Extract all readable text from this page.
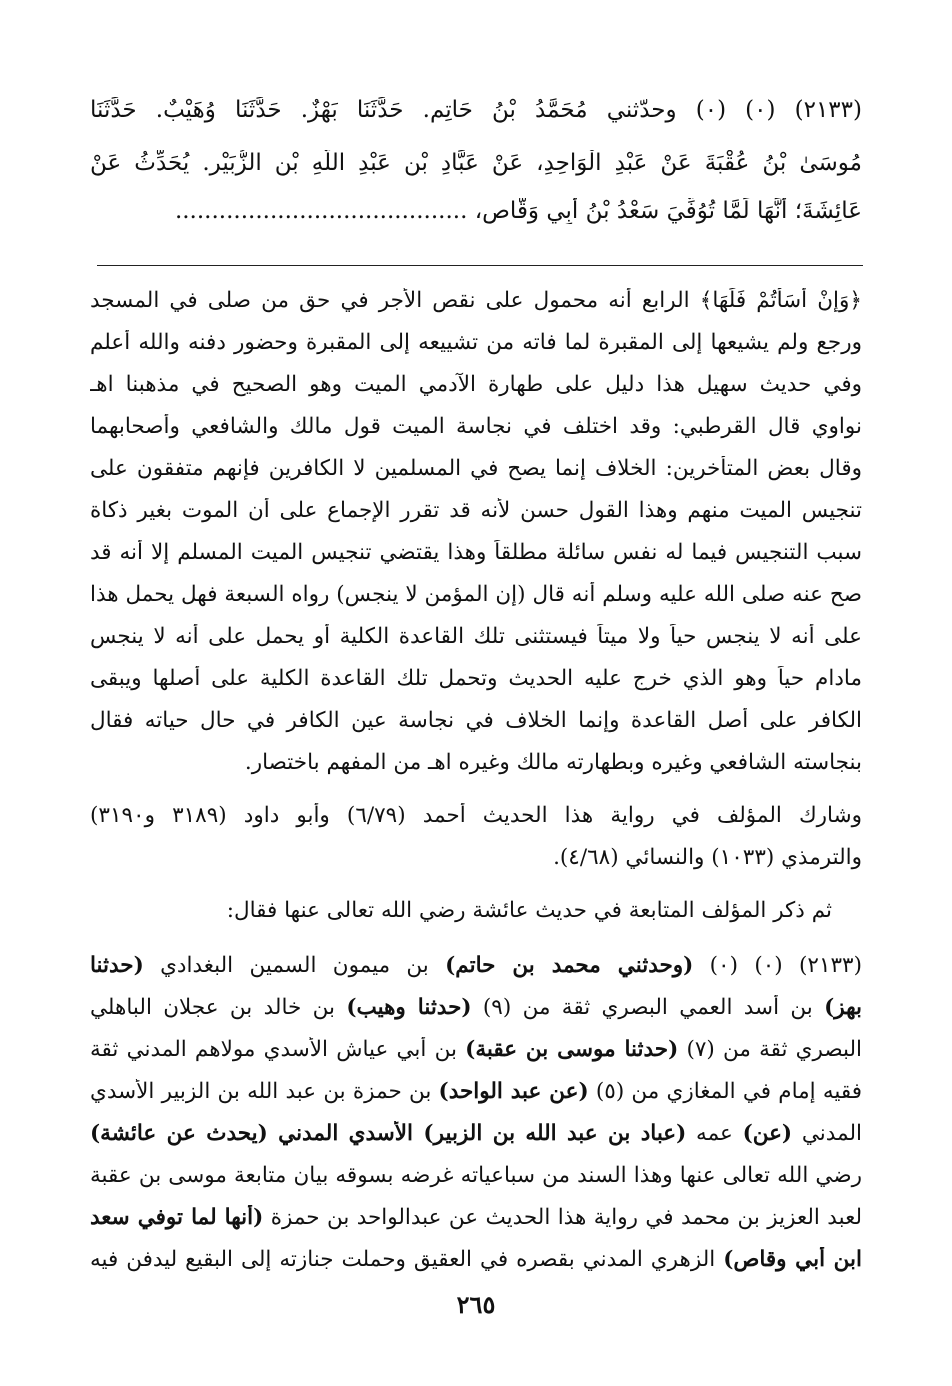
(٢١٣٣) (٠) (٠) وحدّثني مُحَمَّدُ بْنُ حَاتِمٍ. حَدَّثَنَا بَهْزٌ. حَدَّثَنَا وُهَيْبٌ. حَدَّثَنَا
مُوسَىٰ بْنُ عُقْبَةَ عَنْ عَبْدِ الْوَاحِدِ، عَنْ عَبَّادِ بْنِ عَبْدِ اللَّهِ بْنِ الزُّبَيْرِ. يُحَدِّثُ عَنْ
عَائِشَةَ؛ أَنَّهَا لَمَّا تُوُفِّيَ سَعْدُ بْنُ أَبِي وَقَّاصٍ، ........................................
﴿وَإِنْ أَسَأْتُمْ فَلَهَا﴾ الرابع أنه محمول على نقص الأجر في حق من صلى في المسجد
ورجع ولم يشيعها إلى المقبرة لما فاته من تشييعه إلى المقبرة وحضور دفنه والله أعلم
وفي حديث سهيل هذا دليل على طهارة الآدمي الميت وهو الصحيح في مذهبنا اهـ
نواوي قال القرطبي: وقد اختلف في نجاسة الميت قول مالك والشافعي وأصحابهما
وقال بعض المتأخرين: الخلاف إنما يصح في المسلمين لا الكافرين فإنهم متفقون على
تنجيس الميت منهم وهذا القول حسن لأنه قد تقرر الإجماع على أن الموت بغير ذكاة
سبب التنجيس فيما له نفس سائلة مطلقاً وهذا يقتضي تنجيس الميت المسلم إلا أنه قد
صح عنه صلى الله عليه وسلم أنه قال (إن المؤمن لا ينجس) رواه السبعة فهل يحمل هذا
على أنه لا ينجس حياً ولا ميتاً فيستثنى تلك القاعدة الكلية أو يحمل على أنه لا ينجس
مادام حياً وهو الذي خرج عليه الحديث وتحمل تلك القاعدة الكلية على أصلها ويبقى
الكافر على أصل القاعدة وإنما الخلاف في نجاسة عين الكافر في حال حياته فقال
بنجاسته الشافعي وغيره وبطهارته مالك وغيره اهـ من المفهم باختصار.
وشارك المؤلف في رواية هذا الحديث أحمد (٦/٧٩) وأبو داود (٣١٨٩ و٣١٩٠)
والترمذي (١٠٣٣) والنسائي (٤/٦٨).
ثم ذكر المؤلف المتابعة في حديث عائشة رضي الله تعالى عنها فقال:
(٢١٣٣) (٠) (٠) (وحدثني محمد بن حاتم) بن ميمون السمين البغدادي (حدثنا
بهز) بن أسد العمي البصري ثقة من (٩) (حدثنا وهيب) بن خالد بن عجلان الباهلي
البصري ثقة من (٧) (حدثنا موسى بن عقبة) بن أبي عياش الأسدي مولاهم المدني ثقة
فقيه إمام في المغازي من (٥) (عن عبد الواحد) بن حمزة بن عبد الله بن الزبير الأسدي
المدني (عن) عمه (عباد بن عبد الله بن الزبير) الأسدي المدني (يحدث عن عائشة)
رضي الله تعالى عنها وهذا السند من سباعياته غرضه بسوقه بيان متابعة موسى بن عقبة
لعبد العزيز بن محمد في رواية هذا الحديث عن عبدالواحد بن حمزة (أنها لما توفي سعد
ابن أبي وقاص) الزهري المدني بقصره في العقيق وحملت جنازته إلى البقيع ليدفن فيه
٢٦٥
